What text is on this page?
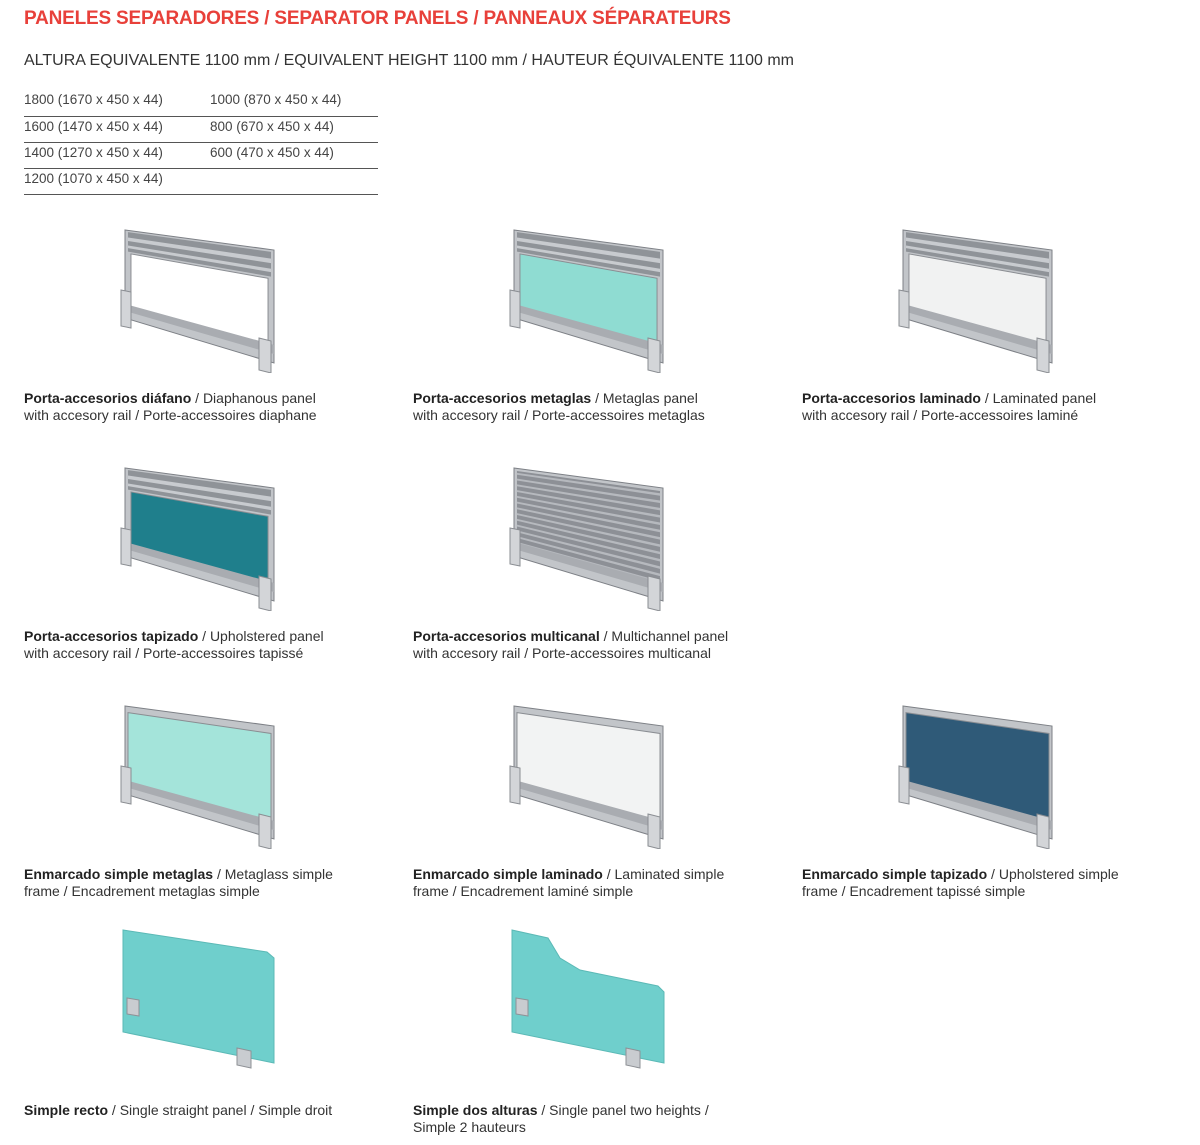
PANELES SEPARADORES / SEPARATOR PANELS / PANNEAUX SÉPARATEURS
ALTURA EQUIVALENTE 1100 mm / EQUIVALENT HEIGHT 1100 mm / HAUTEUR ÉQUIVALENTE 1100 mm
1800 (1670 x 450 x 44)	1000 (870 x 450 x 44)
1600 (1470 x 450 x 44)	800 (670 x 450 x 44)
1400 (1270 x 450 x 44)	600 (470 x 450 x 44)
1200 (1070 x 450 x 44)	
Porta-accesorios diáfano / Diaphanous panel
with accesory rail / Porte-accessoires diaphane
Porta-accesorios metaglas / Metaglas panel
with accesory rail / Porte-accessoires metaglas
Porta-accesorios laminado / Laminated panel
with accesory rail / Porte-accessoires laminé
Porta-accesorios tapizado / Upholstered panel
with accesory rail / Porte-accessoires tapissé
Porta-accesorios multicanal / Multichannel panel
with accesory rail / Porte-accessoires multicanal
Enmarcado simple metaglas / Metaglass simple
frame / Encadrement metaglas simple
Enmarcado simple laminado / Laminated simple
frame / Encadrement laminé simple
Enmarcado simple tapizado / Upholstered simple
frame / Encadrement tapissé simple
Simple recto / Single straight panel / Simple droit	Simple dos alturas / Single panel two heights /
Simple 2 hauteurs
